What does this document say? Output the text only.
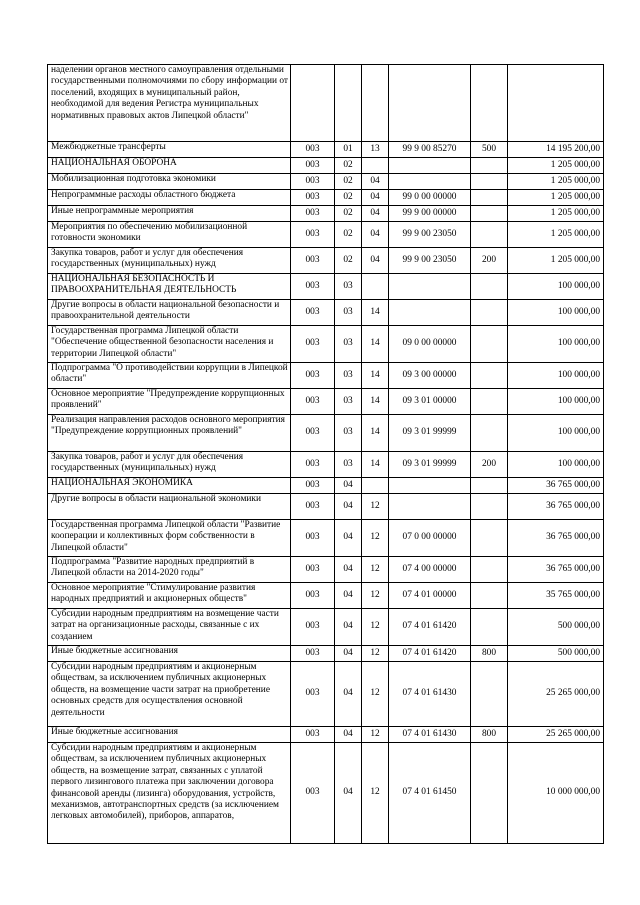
наделении органов местного самоуправления отдельными государственными полномочиями по сбору информации от поселений, входящих в муниципальный район, необходимой для ведения Регистра муниципальных нормативных правовых актов Липецкой области"						
Межбюджетные трансферты	003	01	13	99 9 00 85270	500	14 195 200,00
НАЦИОНАЛЬНАЯ ОБОРОНА	003	02				1 205 000,00
Мобилизационная подготовка экономики	003	02	04			1 205 000,00
Непрограммные расходы областного бюджета	003	02	04	99 0 00 00000		1 205 000,00
Иные непрограммные мероприятия	003	02	04	99 9 00 00000		1 205 000,00
Мероприятия по обеспечению мобилизационной готовности экономики	003	02	04	99 9 00 23050		1 205 000,00
Закупка товаров, работ и услуг для обеспечения государственных (муниципальных) нужд	003	02	04	99 9 00 23050	200	1 205 000,00
НАЦИОНАЛЬНАЯ БЕЗОПАСНОСТЬ И ПРАВООХРАНИТЕЛЬНАЯ ДЕЯТЕЛЬНОСТЬ	003	03				100 000,00
Другие вопросы в области национальной безопасности и правоохранительной деятельности	003	03	14			100 000,00
Государственная программа Липецкой области "Обеспечение общественной безопасности населения и территории Липецкой области"	003	03	14	09 0 00 00000		100 000,00
Подпрограмма "О противодействии коррупции в Липецкой области"	003	03	14	09 3 00 00000		100 000,00
Основное мероприятие "Предупреждение коррупционных проявлений"	003	03	14	09 3 01 00000		100 000,00
Реализация направления расходов основного мероприятия "Предупреждение коррупционных проявлений"	003	03	14	09 3 01 99999		100 000,00
Закупка товаров, работ и услуг для обеспечения государственных (муниципальных) нужд	003	03	14	09 3 01 99999	200	100 000,00
НАЦИОНАЛЬНАЯ ЭКОНОМИКА	003	04				36 765 000,00
Другие вопросы в области национальной экономики	003	04	12			36 765 000,00
Государственная программа Липецкой области "Развитие кооперации и коллективных форм собственности в Липецкой области"	003	04	12	07 0 00 00000		36 765 000,00
Подпрограмма "Развитие народных предприятий в Липецкой области на 2014-2020 годы"	003	04	12	07 4 00 00000		36 765 000,00
Основное мероприятие "Стимулирование развития народных предприятий и акционерных обществ"	003	04	12	07 4 01 00000		35 765 000,00
Субсидии народным предприятиям на возмещение части затрат на организационные расходы, связанные с их созданием	003	04	12	07 4 01 61420		500 000,00
Иные бюджетные ассигнования	003	04	12	07 4 01 61420	800	500 000,00
Субсидии народным предприятиям и акционерным обществам, за исключением публичных акционерных обществ, на возмещение части затрат на приобретение основных средств для осуществления основной деятельности	003	04	12	07 4 01 61430		25 265 000,00
Иные бюджетные ассигнования	003	04	12	07 4 01 61430	800	25 265 000,00
Субсидии народным предприятиям и акционерным обществам, за исключением публичных акционерных обществ, на возмещение затрат, связанных с уплатой первого лизингового платежа при заключении договора финансовой аренды (лизинга) оборудования, устройств, механизмов, автотранспортных средств (за исключением легковых автомобилей), приборов, аппаратов,	003	04	12	07 4 01 61450		10 000 000,00
